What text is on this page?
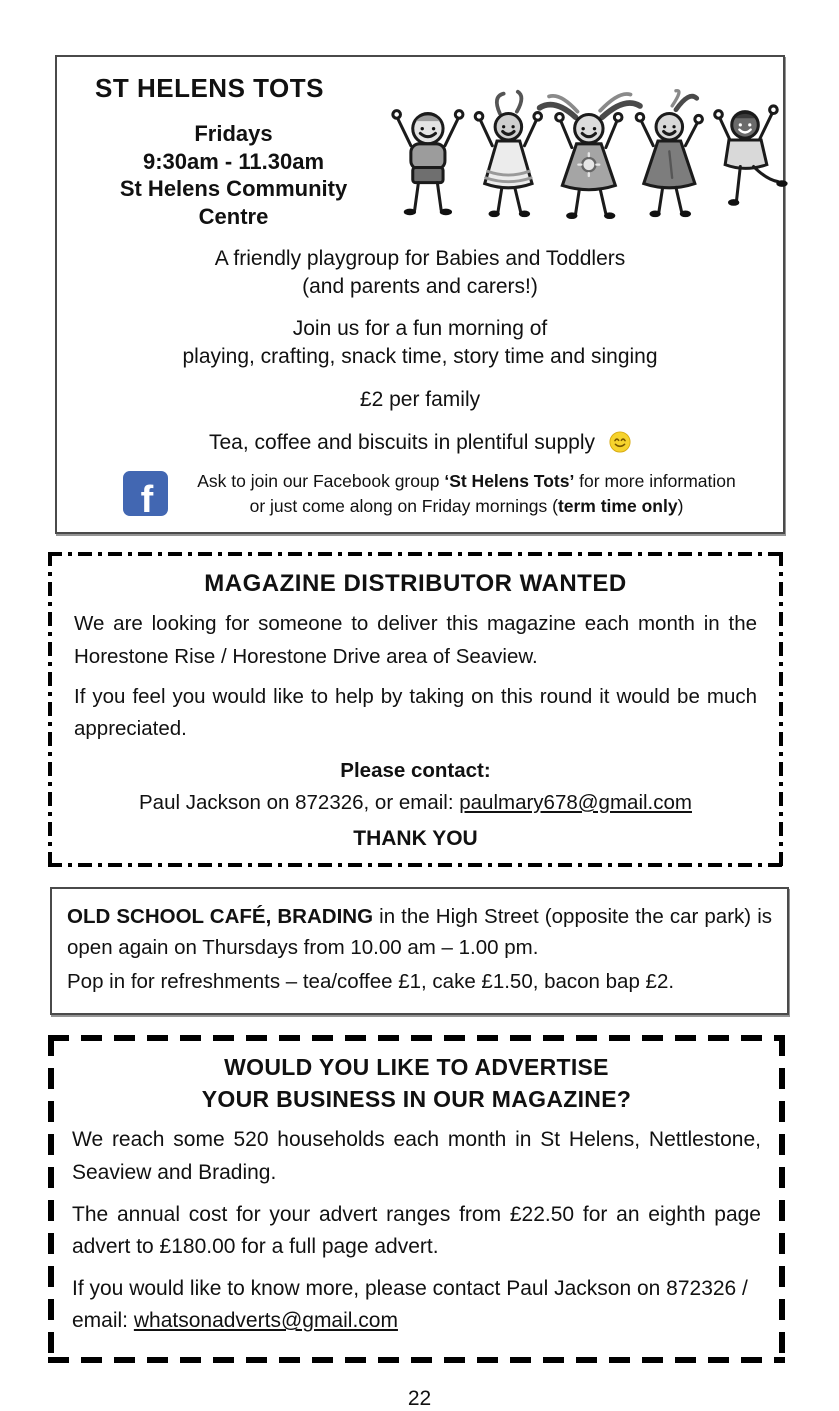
ST HELENS TOTS
Fridays
9:30am - 11.30am
St Helens Community Centre
A friendly playgroup for Babies and Toddlers
(and parents and carers!)
Join us for a fun morning of
playing, crafting, snack time, story time and singing
£2 per family
Tea, coffee and biscuits in plentiful supply
f	Ask to join our Facebook group ‘St Helens Tots’ for more information
or just come along on Friday mornings (term time only)
MAGAZINE DISTRIBUTOR WANTED

We are looking for someone to deliver this magazine each month in the Horestone Rise / Horestone Drive area of Seaview.

If you feel you would like to help by taking on this round it would be much appreciated.

Please contact:
Paul Jackson on 872326, or email: paulmary678@gmail.com
THANK YOU

OLD SCHOOL CAFÉ, BRADING in the High Street (opposite the car park) is open again on Thursdays from 10.00 am – 1.00 pm.

Pop in for refreshments – tea/coffee £1, cake £1.50, bacon bap £2.

WOULD YOU LIKE TO ADVERTISE
YOUR BUSINESS IN OUR MAGAZINE?

We reach some 520 households each month in St Helens, Nettlestone, Seaview and Brading.

The annual cost for your advert ranges from £22.50 for an eighth page advert to £180.00 for a full page advert.

If you would like to know more, please contact Paul Jackson on 872326 / email: whatsonadverts@gmail.com

22
